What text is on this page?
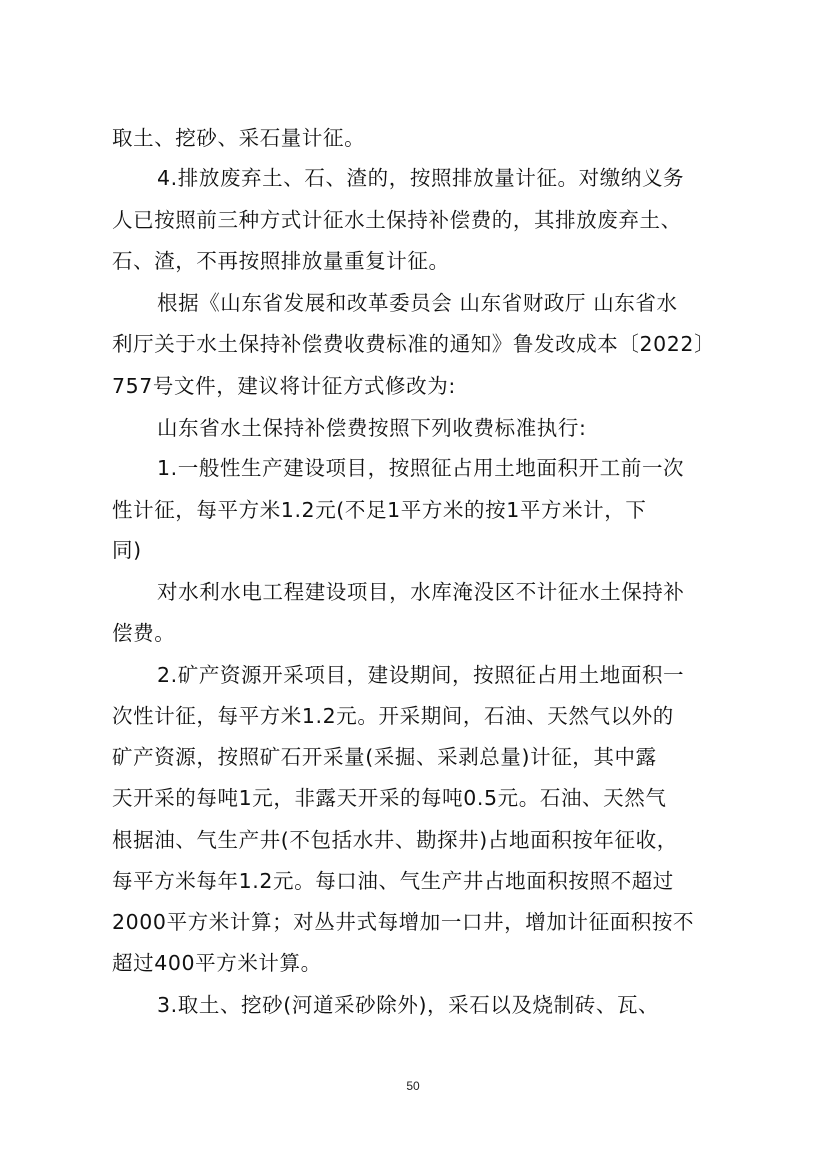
取土、挖砂、采石量计征。
4.排放废弃土、石、渣的，按照排放量计征。对缴纳义务
人已按照前三种方式计征水土保持补偿费的，其排放废弃土、
石、渣，不再按照排放量重复计征。
根据《山东省发展和改革委员会 山东省财政厅 山东省水
利厅关于水土保持补偿费收费标准的通知》鲁发改成本〔2022〕
757号文件，建议将计征方式修改为:
山东省水土保持补偿费按照下列收费标准执行:
1.一般性生产建设项目，按照征占用土地面积开工前一次
性计征，每平方米1.2元(不足1平方米的按1平方米计，下
同)
对水利水电工程建设项目，水库淹没区不计征水土保持补
偿费。
2.矿产资源开采项目，建设期间，按照征占用土地面积一
次性计征，每平方米1.2元。开采期间，石油、天然气以外的
矿产资源，按照矿石开采量(采掘、采剥总量)计征，其中露
天开采的每吨1元，非露天开采的每吨0.5元。石油、天然气
根据油、气生产井(不包括水井、勘探井)占地面积按年征收，
每平方米每年1.2元。每口油、气生产井占地面积按照不超过
2000平方米计算；对丛井式每增加一口井，增加计征面积按不
超过400平方米计算。
3.取土、挖砂(河道采砂除外)，采石以及烧制砖、瓦、
50
